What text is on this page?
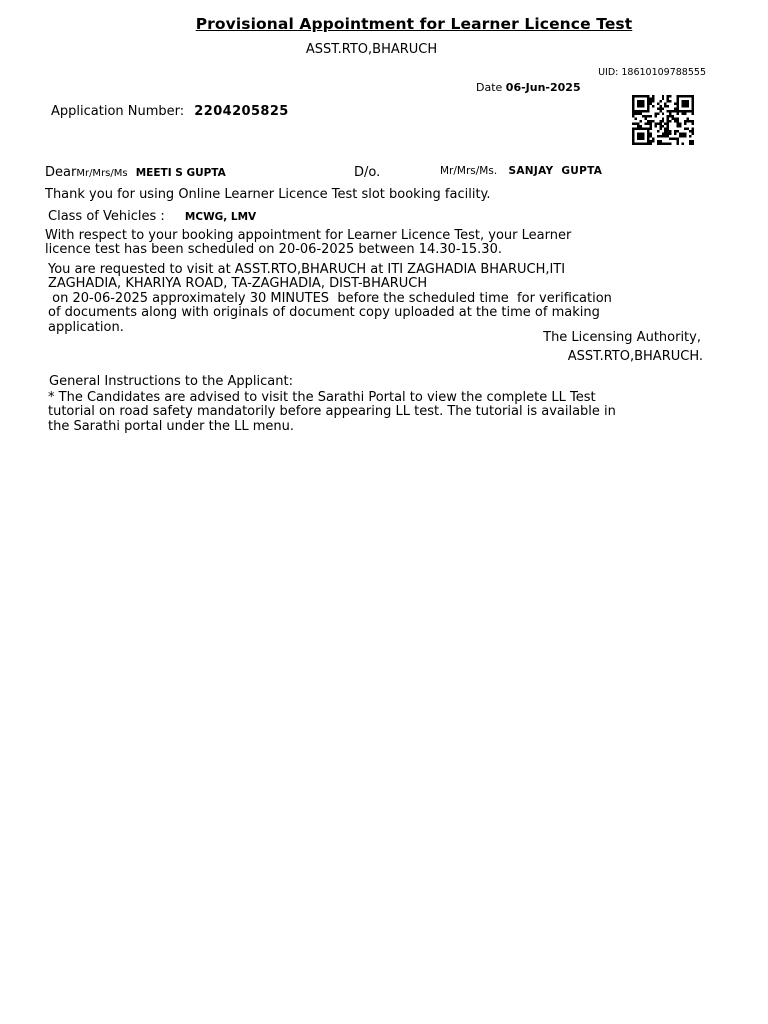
Provisional Appointment for Learner Licence Test
ASST.RTO,BHARUCH
UID: 18610109788555
Date 06-Jun-2025
Application Number: 2204205825
DearMr/Mrs/Ms MEETI S GUPTA	D/o.	Mr/Mrs/Ms. SANJAY GUPTA
Thank you for using Online Learner Licence Test slot booking facility.
Class of Vehicles : MCWG, LMV
With respect to your booking appointment for Learner Licence Test, your Learner
licence test has been scheduled on 20-06-2025 between 14.30-15.30.
You are requested to visit at ASST.RTO,BHARUCH at ITI ZAGHADIA BHARUCH,ITI
ZAGHADIA, KHARIYA ROAD, TA-ZAGHADIA, DIST-BHARUCH
on 20-06-2025 approximately 30 MINUTES  before the scheduled time  for verification
of documents along with originals of document copy uploaded at the time of making
application.
The Licensing Authority,
ASST.RTO,BHARUCH.
General Instructions to the Applicant:
* The Candidates are advised to visit the Sarathi Portal to view the complete LL Test
tutorial on road safety mandatorily before appearing LL test. The tutorial is available in
the Sarathi portal under the LL menu.
